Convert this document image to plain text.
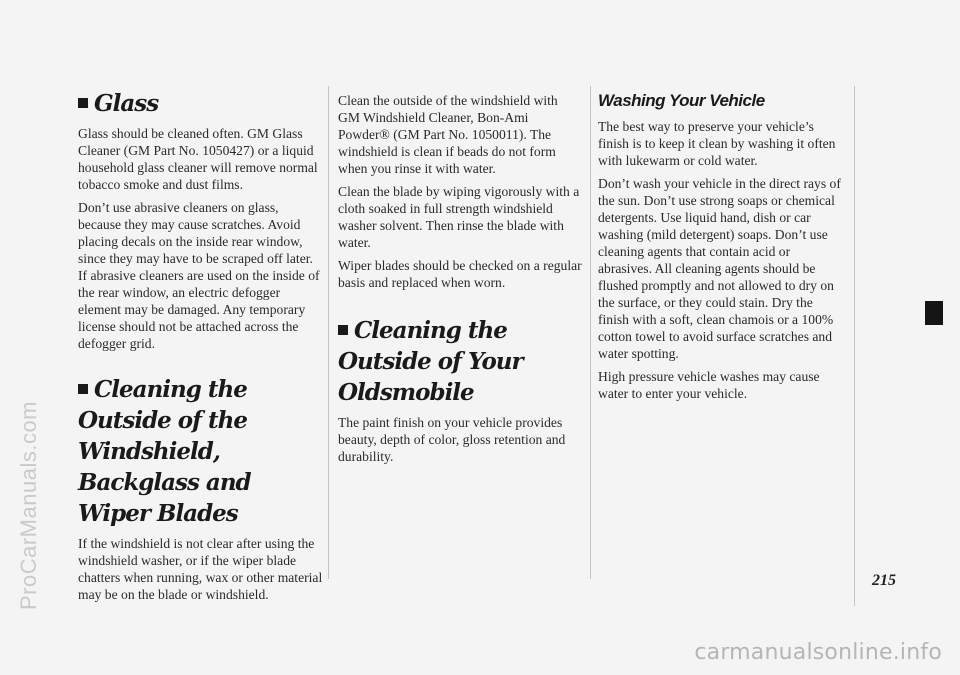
Glass

Glass should be cleaned often. GM Glass Cleaner (GM Part No. 1050427) or a liquid household glass cleaner will remove normal tobacco smoke and dust films.

Don’t use abrasive cleaners on glass, because they may cause scratches. Avoid placing decals on the inside rear window, since they may have to be scraped off later. If abrasive cleaners are used on the inside of the rear window, an electric defogger element may be damaged. Any temporary license should not be attached across the defogger grid.

Cleaning the Outside of the Windshield, Backglass and Wiper Blades

If the windshield is not clear after using the windshield washer, or if the wiper blade chatters when running, wax or other material may be on the blade or windshield.

Clean the outside of the windshield with GM Windshield Cleaner, Bon-Ami Powder® (GM Part No. 1050011). The windshield is clean if beads do not form when you rinse it with water.

Clean the blade by wiping vigorously with a cloth soaked in full strength windshield washer solvent. Then rinse the blade with water.

Wiper blades should be checked on a regular basis and replaced when worn.

Cleaning the Outside of Your Oldsmobile

The paint finish on your vehicle provides beauty, depth of color, gloss retention and durability.

Washing Your Vehicle

The best way to preserve your vehicle’s finish is to keep it clean by washing it often with lukewarm or cold water.

Don’t wash your vehicle in the direct rays of the sun. Don’t use strong soaps or chemical detergents. Use liquid hand, dish or car washing (mild detergent) soaps. Don’t use cleaning agents that contain acid or abrasives. All cleaning agents should be flushed promptly and not allowed to dry on the surface, or they could stain. Dry the finish with a soft, clean chamois or a 100% cotton towel to avoid surface scratches and water spotting.

High pressure vehicle washes may cause water to enter your vehicle.

215
ProCarManuals.com
carmanualsonline.info
